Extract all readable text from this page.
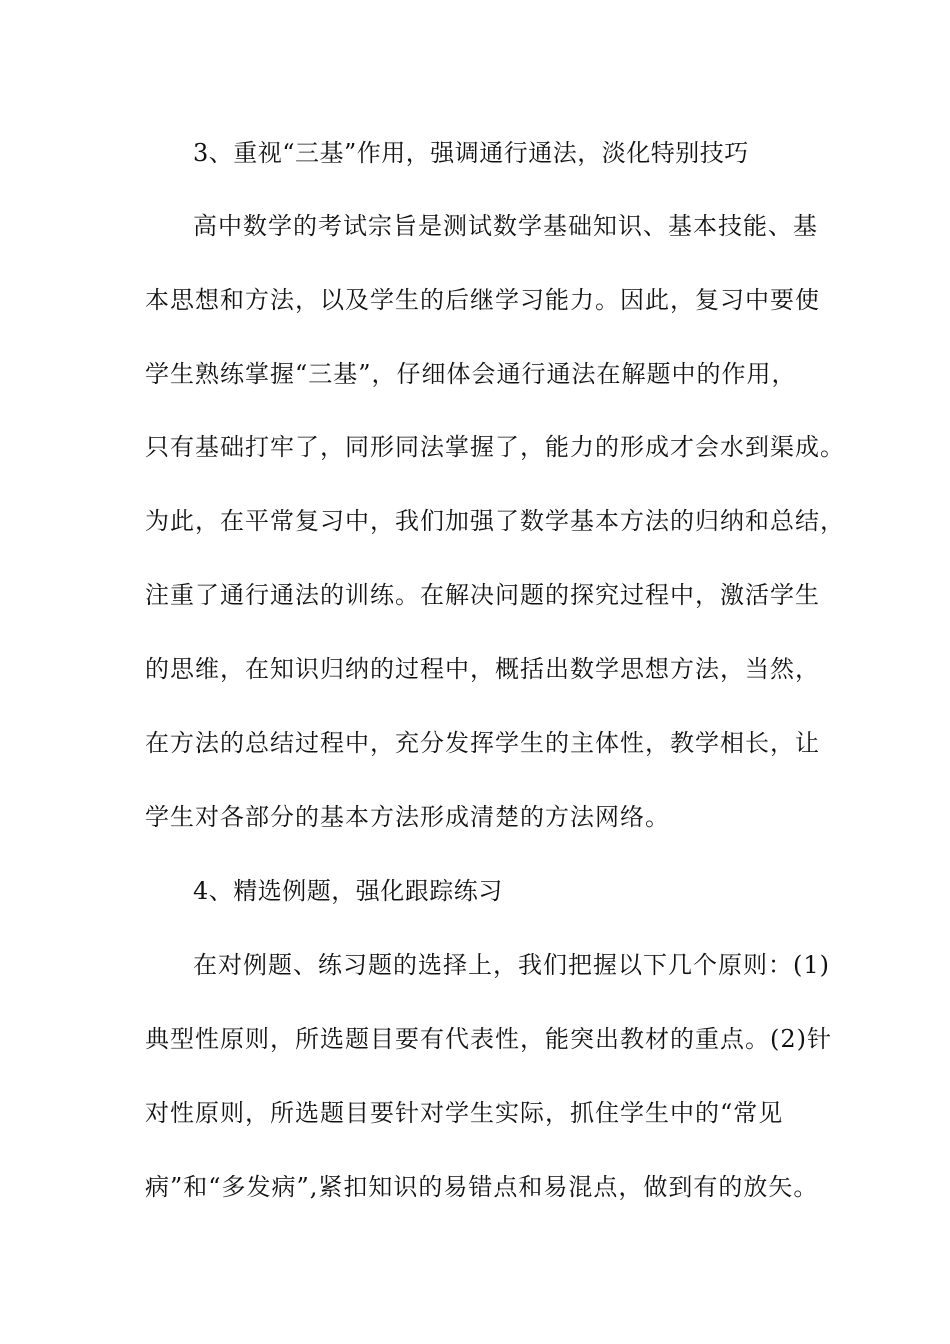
3、重视“三基”作用，强调通行通法，淡化特别技巧
高中数学的考试宗旨是测试数学基础知识、基本技能、基
本思想和方法，以及学生的后继学习能力。因此，复习中要使
学生熟练掌握“三基”，仔细体会通行通法在解题中的作用，
只有基础打牢了，同形同法掌握了，能力的形成才会水到渠成。
为此，在平常复习中，我们加强了数学基本方法的归纳和总结，
注重了通行通法的训练。在解决问题的探究过程中，激活学生
的思维，在知识归纳的过程中，概括出数学思想方法，当然，
在方法的总结过程中，充分发挥学生的主体性，教学相长，让
学生对各部分的基本方法形成清楚的方法网络。
4、精选例题，强化跟踪练习
在对例题、练习题的选择上，我们把握以下几个原则：(1)
典型性原则，所选题目要有代表性，能突出教材的重点。(2)针
对性原则，所选题目要针对学生实际，抓住学生中的“常见
病”和“多发病”,紧扣知识的易错点和易混点，做到有的放矢。
